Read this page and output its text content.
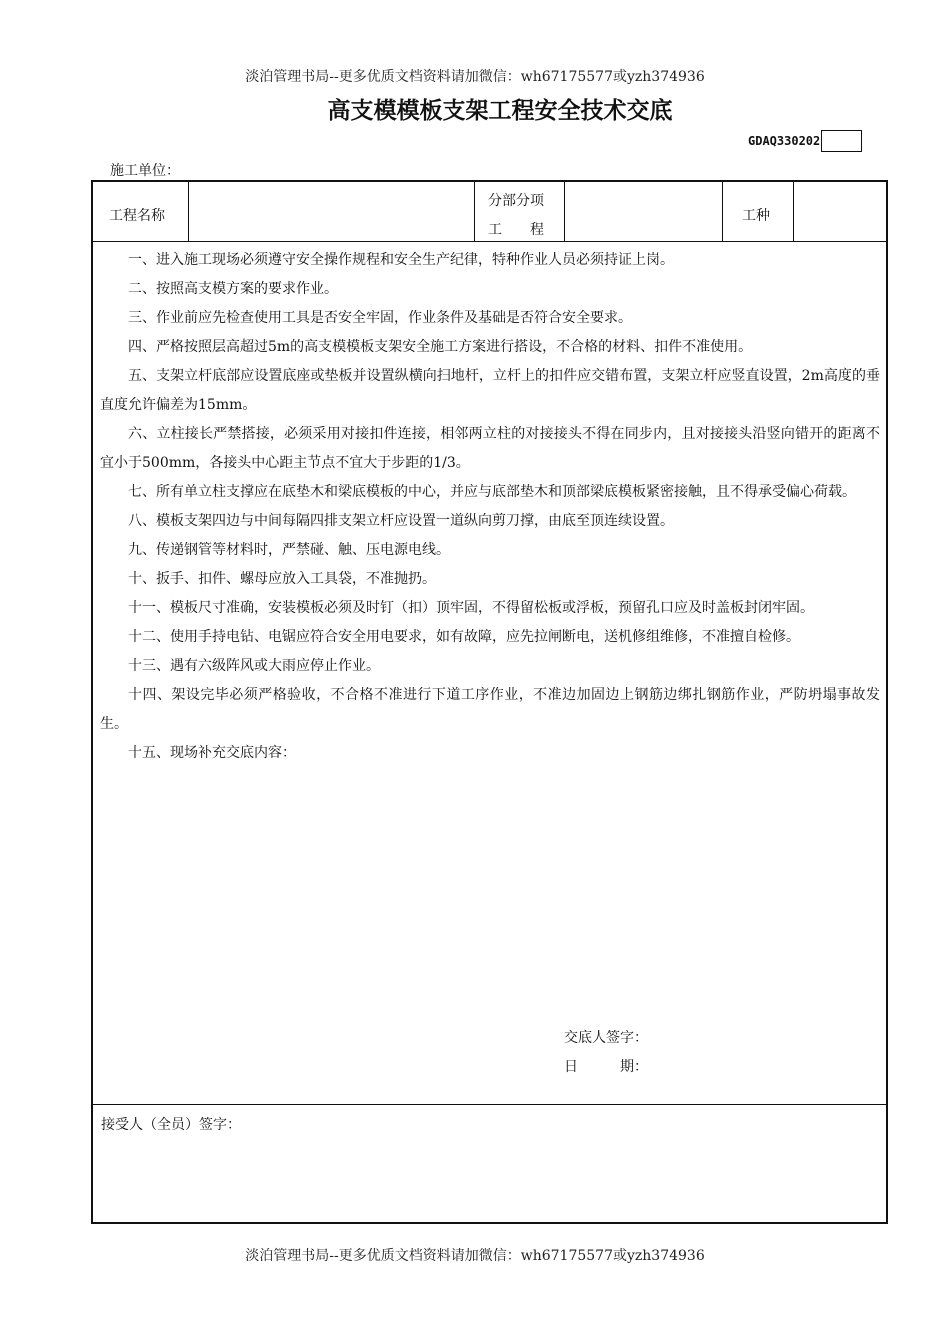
淡泊管理书局--更多优质文档资料请加微信：wh67175577或yzh374936
高支模模板支架工程安全技术交底
GDAQ330202
施工单位：
工程名称
分部分项
工　　程
工种

一、进入施工现场必须遵守安全操作规程和安全生产纪律，特种作业人员必须持证上岗。

二、按照高支模方案的要求作业。

三、作业前应先检查使用工具是否安全牢固，作业条件及基础是否符合安全要求。

四、严格按照层高超过5m的高支模模板支架安全施工方案进行搭设，不合格的材料、扣件不准使用。

五、支架立杆底部应设置底座或垫板并设置纵横向扫地杆，立杆上的扣件应交错布置，支架立杆应竖直设置，2m高度的垂直度允许偏差为15mm。

六、立柱接长严禁搭接，必须采用对接扣件连接，相邻两立柱的对接接头不得在同步内，且对接接头沿竖向错开的距离不宜小于500mm，各接头中心距主节点不宜大于步距的1/3。

七、所有单立柱支撑应在底垫木和梁底模板的中心，并应与底部垫木和顶部梁底模板紧密接触，且不得承受偏心荷载。

八、模板支架四边与中间每隔四排支架立杆应设置一道纵向剪刀撑，由底至顶连续设置。

九、传递钢管等材料时，严禁碰、触、压电源电线。

十、扳手、扣件、螺母应放入工具袋，不准抛扔。

十一、模板尺寸准确，安装模板必须及时钉（扣）顶牢固，不得留松板或浮板，预留孔口应及时盖板封闭牢固。

十二、使用手持电钻、电锯应符合安全用电要求，如有故障，应先拉闸断电，送机修组维修，不准擅自检修。

十三、遇有六级阵风或大雨应停止作业。

十四、架设完毕必须严格验收，不合格不准进行下道工序作业，不准边加固边上钢筋边绑扎钢筋作业，严防坍塌事故发生。

十五、现场补充交底内容：

交底人签字：
日　　　期：
接受人（全员）签字：
淡泊管理书局--更多优质文档资料请加微信：wh67175577或yzh374936
